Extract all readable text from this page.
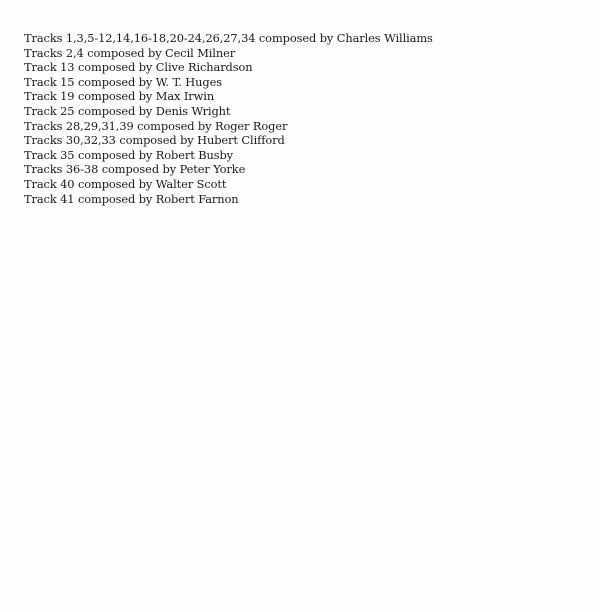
Tracks 1,3,5-12,14,16-18,20-24,26,27,34 composed by Charles Williams
Tracks 2,4 composed by Cecil Milner
Track 13 composed by Clive Richardson
Track 15 composed by W. T. Huges
Track 19 composed by Max Irwin
Track 25 composed by Denis Wright
Tracks 28,29,31,39 composed by Roger Roger
Tracks 30,32,33 composed by Hubert Clifford
Track 35 composed by Robert Busby
Tracks 36-38 composed by Peter Yorke
Track 40 composed by Walter Scott
Track 41 composed by Robert Farnon
